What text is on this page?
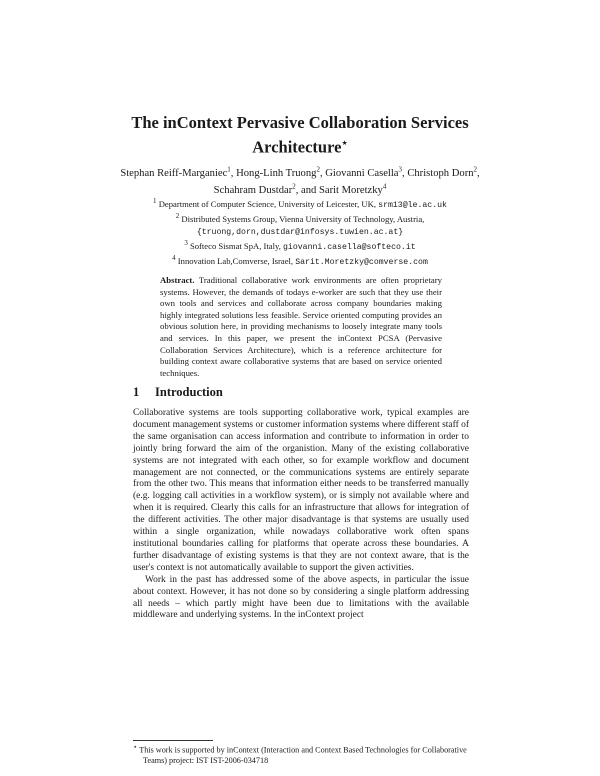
The inContext Pervasive Collaboration Services
Architecture⋆
Stephan Reiff-Marganiec$^1$, Hong-Linh Truong$^2$, Giovanni Casella$^3$, Christoph Dorn$^2$, Schahram Dustdar$^2$, and Sarit Moretzky$^4$
$^1$ Department of Computer Science, University of Leicester, UK, srm13@le.ac.uk
$^2$ Distributed Systems Group, Vienna University of Technology, Austria,
{truong,dorn,dustdar@infosys.tuwien.ac.at}
$^3$ Softeco Sismat SpA, Italy, giovanni.casella@softeco.it
$^4$ Innovation Lab,Comverse, Israel, Sarit.Moretzky@comverse.com
Abstract. Traditional collaborative work environments are often proprietary systems. However, the demands of todays e-worker are such that they use their own tools and services and collaborate across company boundaries making highly integrated solutions less feasible. Service oriented computing provides an obvious solution here, in providing mechanisms to loosely integrate many tools and services. In this paper, we present the inContext PCSA (Pervasive Collaboration Services Architecture), which is a reference architecture for building context aware collaborative systems that are based on service oriented techniques.
1 Introduction

Collaborative systems are tools supporting collaborative work, typical examples are document management systems or customer information systems where different staff of the same organisation can access information and contribute to information in order to jointly bring forward the aim of the organistion. Many of the existing collaborative systems are not integrated with each other, so for example workflow and document management are not connected, or the communications systems are entirely separate from the other two. This means that information either needs to be transferred manually (e.g. logging call activities in a workflow system), or is simply not available where and when it is required. Clearly this calls for an infrastructure that allows for integration of the different activities. The other major disadvantage is that systems are usually used within a single organization, while nowadays collaborative work often spans institutional boundaries calling for platforms that operate across these boundaries. A further disadvantage of existing systems is that they are not context aware, that is the user's context is not automatically available to support the given activities.

Work in the past has addressed some of the above aspects, in particular the issue about context. However, it has not done so by considering a single platform addressing all needs – which partly might have been due to limitations with the available middleware and underlying systems. In the inContext project

⋆ This work is supported by inContext (Interaction and Context Based Technologies for Collaborative Teams) project: IST IST-2006-034718
